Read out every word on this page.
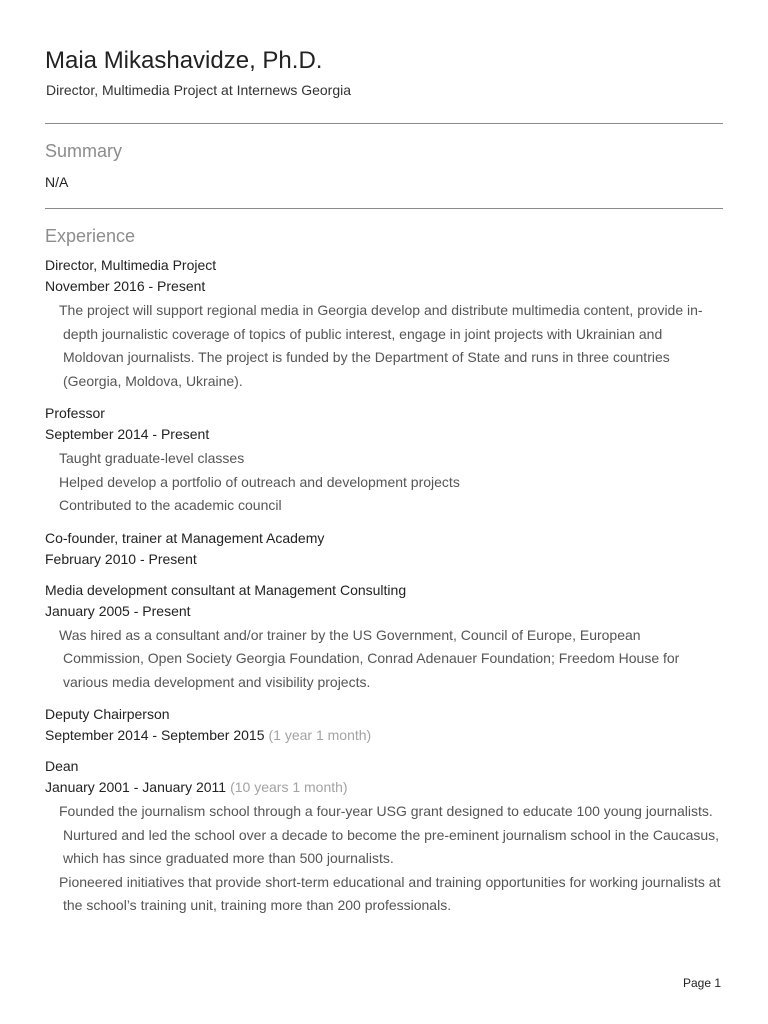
Maia Mikashavidze, Ph.D.
Director, Multimedia Project at Internews Georgia
Summary
N/A
Experience
Director, Multimedia Project
November 2016 - Present
The project will support regional media in Georgia develop and distribute multimedia content, provide in-depth journalistic coverage of topics of public interest, engage in joint projects with Ukrainian and Moldovan journalists. The project is funded by the Department of State and runs in three countries (Georgia, Moldova, Ukraine).
Professor
September 2014 - Present
Taught graduate-level classes
Helped develop a portfolio of outreach and development projects
Contributed to the academic council
Co-founder, trainer at Management Academy
February 2010 - Present
Media development consultant at Management Consulting
January 2005 - Present
Was hired as a consultant and/or trainer by the US Government, Council of Europe, European Commission, Open Society Georgia Foundation, Conrad Adenauer Foundation; Freedom House for various media development and visibility projects.
Deputy Chairperson
September 2014 - September 2015 (1 year 1 month)
Dean
January 2001 - January 2011 (10 years 1 month)
Founded the journalism school through a four-year USG grant designed to educate 100 young journalists. Nurtured and led the school over a decade to become the pre-eminent journalism school in the Caucasus, which has since graduated more than 500 journalists.
Pioneered initiatives that provide short-term educational and training opportunities for working journalists at the school’s training unit, training more than 200 professionals.
Page 1
